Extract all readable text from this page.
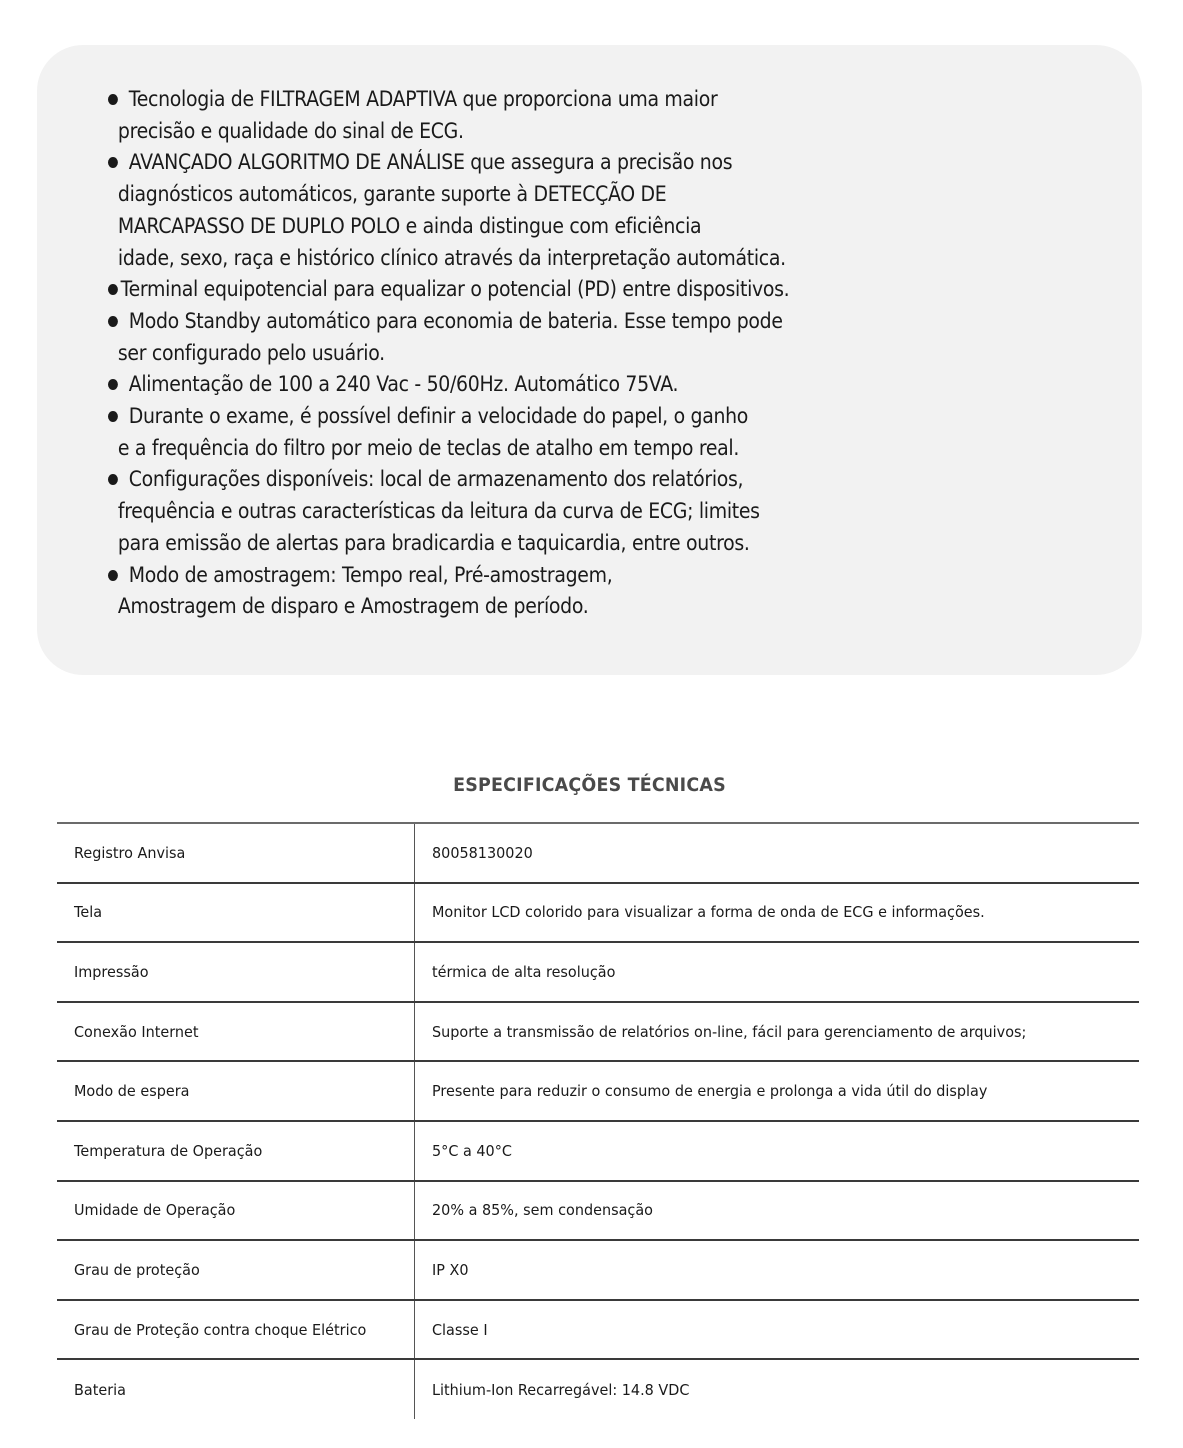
Tecnologia de FILTRAGEM ADAPTIVA que proporciona uma maior
precisão e qualidade do sinal de ECG.
AVANÇADO ALGORITMO DE ANÁLISE que assegura a precisão nos
diagnósticos automáticos, garante suporte à DETECÇÃO DE
MARCAPASSO DE DUPLO POLO e ainda distingue com eficiência
idade, sexo, raça e histórico clínico através da interpretação automática.
Terminal equipotencial para equalizar o potencial (PD) entre dispositivos.
Modo Standby automático para economia de bateria. Esse tempo pode
ser configurado pelo usuário.
Alimentação de 100 a 240 Vac - 50/60Hz. Automático 75VA.
Durante o exame, é possível definir a velocidade do papel, o ganho
e a frequência do filtro por meio de teclas de atalho em tempo real.
Configurações disponíveis: local de armazenamento dos relatórios,
frequência e outras características da leitura da curva de ECG; limites
para emissão de alertas para bradicardia e taquicardia, entre outros.
Modo de amostragem: Tempo real, Pré-amostragem,
Amostragem de disparo e Amostragem de período.
ESPECIFICAÇÕES TÉCNICAS
Registro Anvisa	80058130020
Tela	Monitor LCD colorido para visualizar a forma de onda de ECG e informações.
Impressão	térmica de alta resolução
Conexão Internet	Suporte a transmissão de relatórios on-line, fácil para gerenciamento de arquivos;
Modo de espera	Presente para reduzir o consumo de energia e prolonga a vida útil do display
Temperatura de Operação	5°C a 40°C
Umidade de Operação	20% a 85%, sem condensação
Grau de proteção	IP X0
Grau de Proteção contra choque Elétrico	Classe I
Bateria	Lithium-Ion Recarregável: 14.8 VDC
